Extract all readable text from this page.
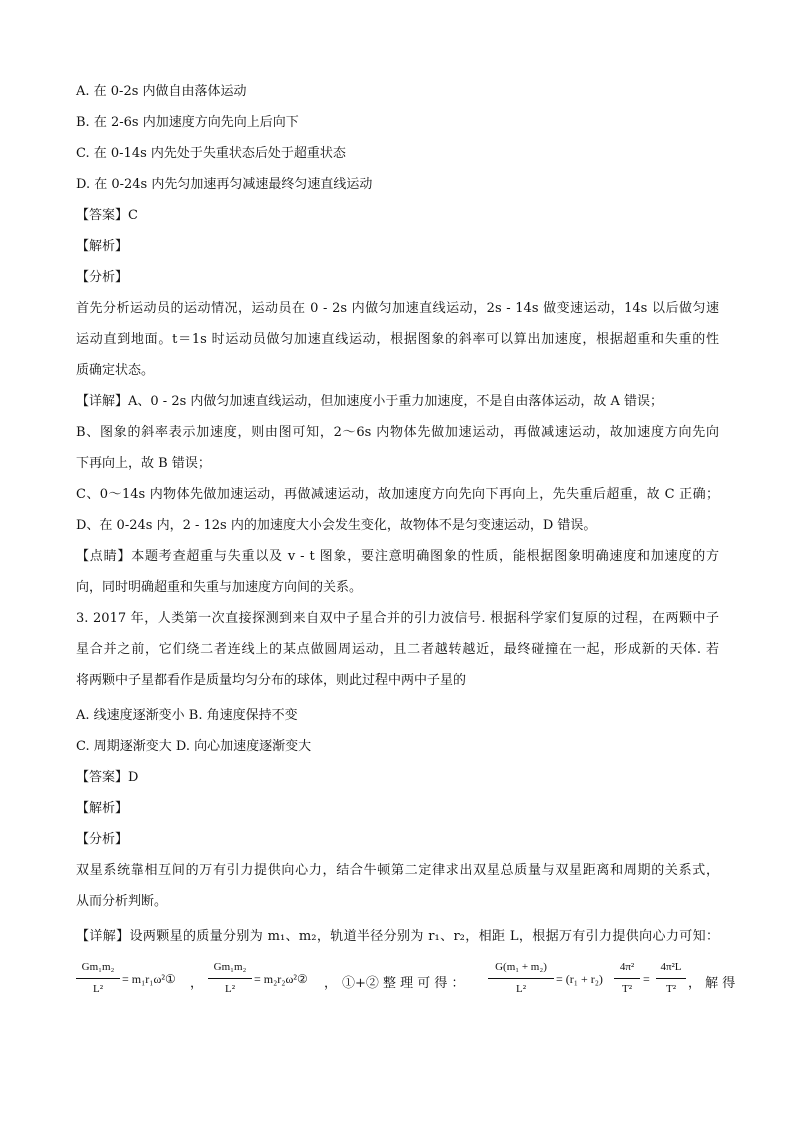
A. 在 0-2s 内做自由落体运动
B. 在 2-6s 内加速度方向先向上后向下
C. 在 0-14s 内先处于失重状态后处于超重状态
D. 在 0-24s 内先匀加速再匀减速最终匀速直线运动
【答案】C
【解析】
【分析】
首先分析运动员的运动情况，运动员在 0 - 2s 内做匀加速直线运动，2s - 14s 做变速运动，14s 以后做匀速
运动直到地面。t＝1s 时运动员做匀加速直线运动，根据图象的斜率可以算出加速度，根据超重和失重的性
质确定状态。
【详解】A、0 - 2s 内做匀加速直线运动，但加速度小于重力加速度，不是自由落体运动，故 A 错误；
B、图象的斜率表示加速度，则由图可知，2～6s 内物体先做加速运动，再做减速运动，故加速度方向先向
下再向上，故 B 错误；
C、0～14s 内物体先做加速运动，再做减速运动，故加速度方向先向下再向上，先失重后超重，故 C 正确；
D、在 0-24s 内，2 - 12s 内的加速度大小会发生变化，故物体不是匀变速运动，D 错误。
【点睛】本题考查超重与失重以及 v - t 图象，要注意明确图象的性质，能根据图象明确速度和加速度的方
向，同时明确超重和失重与加速度方向间的关系。
3. 2017 年，人类第一次直接探测到来自双中子星合并的引力波信号. 根据科学家们复原的过程，在两颗中子
星合并之前，它们绕二者连线上的某点做圆周运动，且二者越转越近，最终碰撞在一起，形成新的天体. 若
将两颗中子星都看作是质量均匀分布的球体，则此过程中两中子星的
A. 线速度逐渐变小 B. 角速度保持不变
C. 周期逐渐变大 D. 向心加速度逐渐变大
【答案】D
【解析】
【分析】
双星系统靠相互间的万有引力提供向心力，结合牛顿第二定律求出双星总质量与双星距离和周期的关系式，
从而分析判断。
【详解】设两颗星的质量分别为 m₁、m₂，轨道半径分别为 r₁、r₂，相距 L，根据万有引力提供向心力可知：
Gm₁m₂
L²
= m₁r₁ω²① ，
Gm₁m₂
L²
= m₂r₂ω²② ， ①+② 整 理 可 得 ：
G(m₁ + m₂)
L²
= (r₁ + r₂)
4π²
T²
=
4π²L
T² ， 解 得
